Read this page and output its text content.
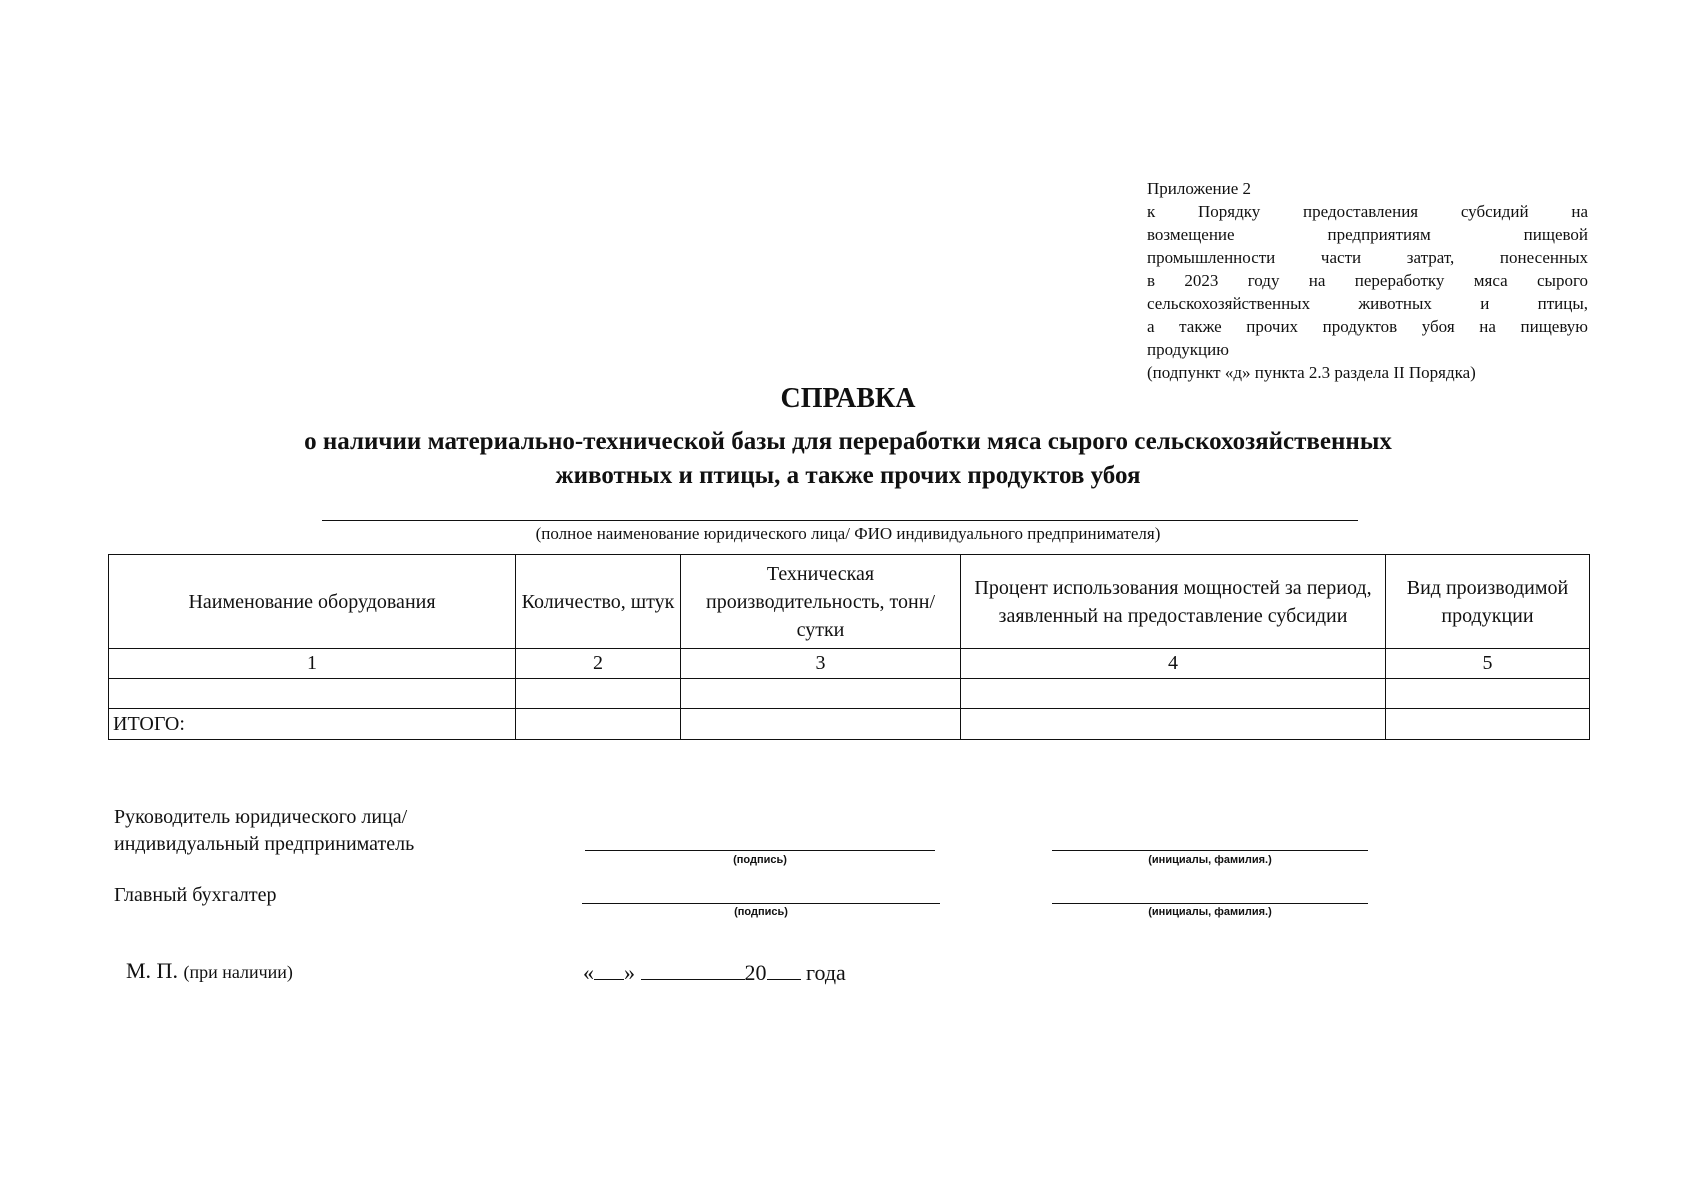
Приложение 2
к Порядку предоставления субсидий на
возмещение предприятиям пищевой
промышленности части затрат, понесенных
в 2023 году на переработку мяса сырого
сельскохозяйственных животных и птицы,
а также прочих продуктов убоя на пищевую
продукцию
(подпункт «д» пункта 2.3 раздела II Порядка)
СПРАВКА
о наличии материально-технической базы для переработки мяса сырого сельскохозяйственных
животных и птицы, а также прочих продуктов убоя
(полное наименование юридического лица/ ФИО индивидуального предпринимателя)
Наименование оборудования	Количество, штук	Техническая производительность, тонн/сутки	Процент использования мощностей за период, заявленный на предоставление субсидии	Вид производимой продукции
1	2	3	4	5

ИТОГО:				
Руководитель юридического лица/
индивидуальный предприниматель
(подпись)	(инициалы, фамилия.)
Главный бухгалтер
(подпись)	(инициалы, фамилия.)
М. П. (при наличии)	« »	20 года
